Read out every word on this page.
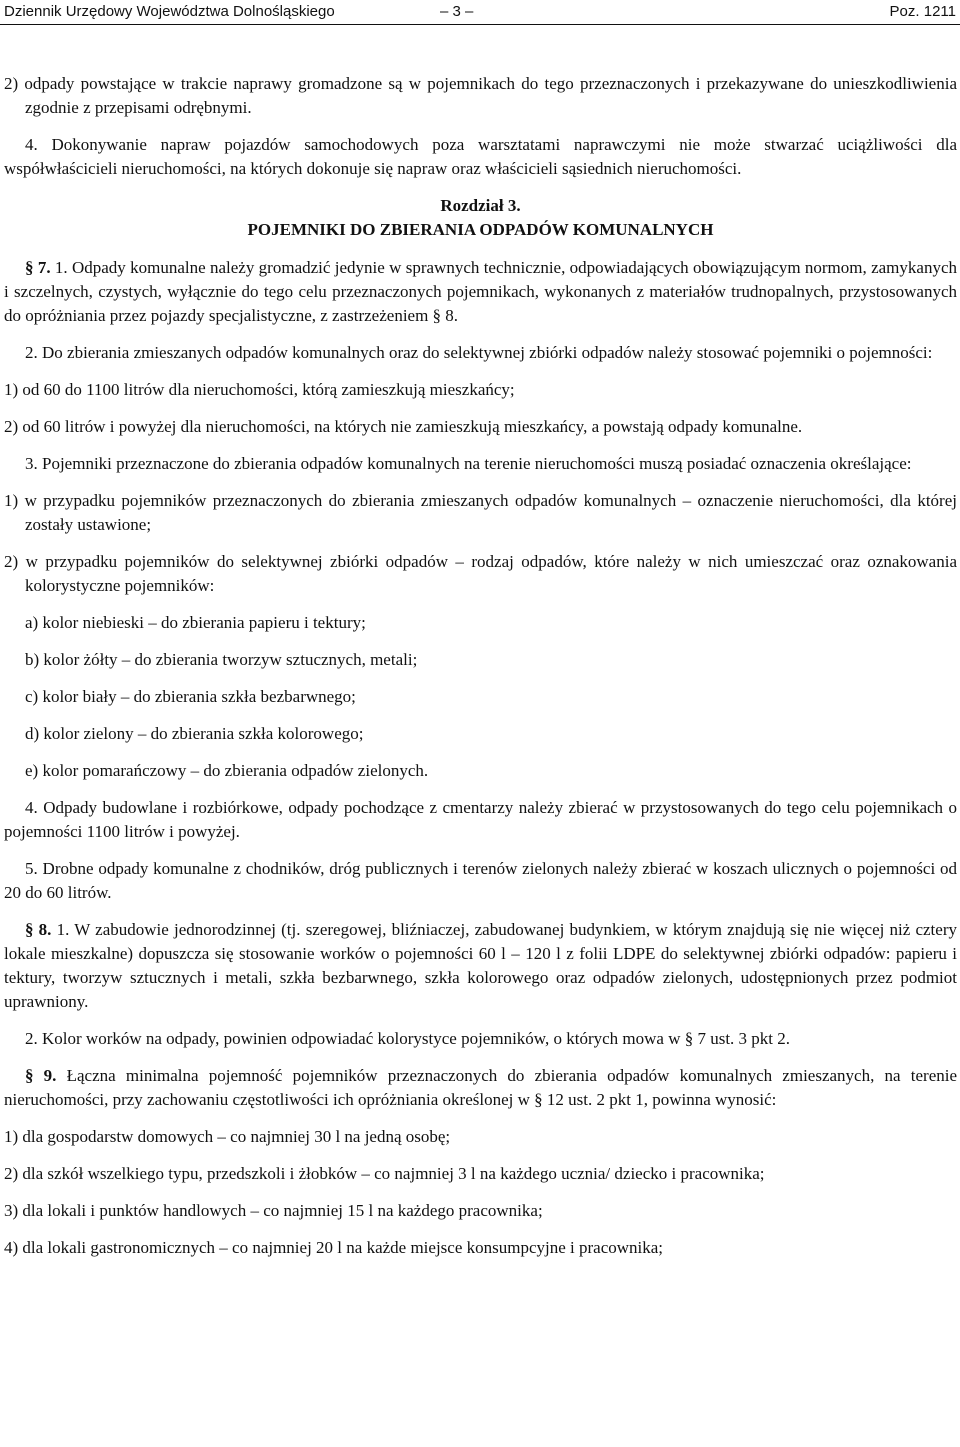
Dziennik Urzędowy Województwa Dolnośląskiego	– 3 –	Poz. 1211

2) odpady powstające w trakcie naprawy gromadzone są w pojemnikach do tego przeznaczonych i przekazywane do unieszkodliwienia zgodnie z przepisami odrębnymi.

4. Dokonywanie napraw pojazdów samochodowych poza warsztatami naprawczymi nie może stwarzać uciążliwości dla współwłaścicieli nieruchomości, na których dokonuje się napraw oraz właścicieli sąsiednich nieruchomości.

Rozdział 3.

POJEMNIKI DO ZBIERANIA ODPADÓW KOMUNALNYCH

§ 7. 1. Odpady komunalne należy gromadzić jedynie w sprawnych technicznie, odpowiadających obowiązującym normom, zamykanych i szczelnych, czystych, wyłącznie do tego celu przeznaczonych pojemnikach, wykonanych z materiałów trudnopalnych, przystosowanych do opróżniania przez pojazdy specjalistyczne, z zastrzeżeniem § 8.

2. Do zbierania zmieszanych odpadów komunalnych oraz do selektywnej zbiórki odpadów należy stosować pojemniki o pojemności:

1) od 60 do 1100 litrów dla nieruchomości, którą zamieszkują mieszkańcy;

2) od 60 litrów i powyżej dla nieruchomości, na których nie zamieszkują mieszkańcy, a powstają odpady komunalne.

3. Pojemniki przeznaczone do zbierania odpadów komunalnych na terenie nieruchomości muszą posiadać oznaczenia określające:

1) w przypadku pojemników przeznaczonych do zbierania zmieszanych odpadów komunalnych – oznaczenie nieruchomości, dla której zostały ustawione;

2) w przypadku pojemników do selektywnej zbiórki odpadów – rodzaj odpadów, które należy w nich umieszczać oraz oznakowania kolorystyczne pojemników:

a) kolor niebieski – do zbierania papieru i tektury;

b) kolor żółty – do zbierania tworzyw sztucznych, metali;

c) kolor biały – do zbierania szkła bezbarwnego;

d) kolor zielony – do zbierania szkła kolorowego;

e) kolor pomarańczowy – do zbierania odpadów zielonych.

4. Odpady budowlane i rozbiórkowe, odpady pochodzące z cmentarzy należy zbierać w przystosowanych do tego celu pojemnikach o pojemności 1100 litrów i powyżej.

5. Drobne odpady komunalne z chodników, dróg publicznych i terenów zielonych należy zbierać w koszach ulicznych o pojemności od 20 do 60 litrów.

§ 8. 1. W zabudowie jednorodzinnej (tj. szeregowej, bliźniaczej, zabudowanej budynkiem, w którym znajdują się nie więcej niż cztery lokale mieszkalne) dopuszcza się stosowanie worków o pojemności 60 l – 120 l z folii LDPE do selektywnej zbiórki odpadów: papieru i tektury, tworzyw sztucznych i metali, szkła bezbarwnego, szkła kolorowego oraz odpadów zielonych, udostępnionych przez podmiot uprawniony.

2. Kolor worków na odpady, powinien odpowiadać kolorystyce pojemników, o których mowa w § 7 ust. 3 pkt 2.

§ 9. Łączna minimalna pojemność pojemników przeznaczonych do zbierania odpadów komunalnych zmieszanych, na terenie nieruchomości, przy zachowaniu częstotliwości ich opróżniania określonej w § 12 ust. 2 pkt 1, powinna wynosić:

1) dla gospodarstw domowych – co najmniej 30 l na jedną osobę;

2) dla szkół wszelkiego typu, przedszkoli i żłobków – co najmniej 3 l na każdego ucznia/ dziecko i pracownika;

3) dla lokali i punktów handlowych – co najmniej 15 l na każdego pracownika;

4) dla lokali gastronomicznych – co najmniej 20 l na każde miejsce konsumpcyjne i pracownika;
